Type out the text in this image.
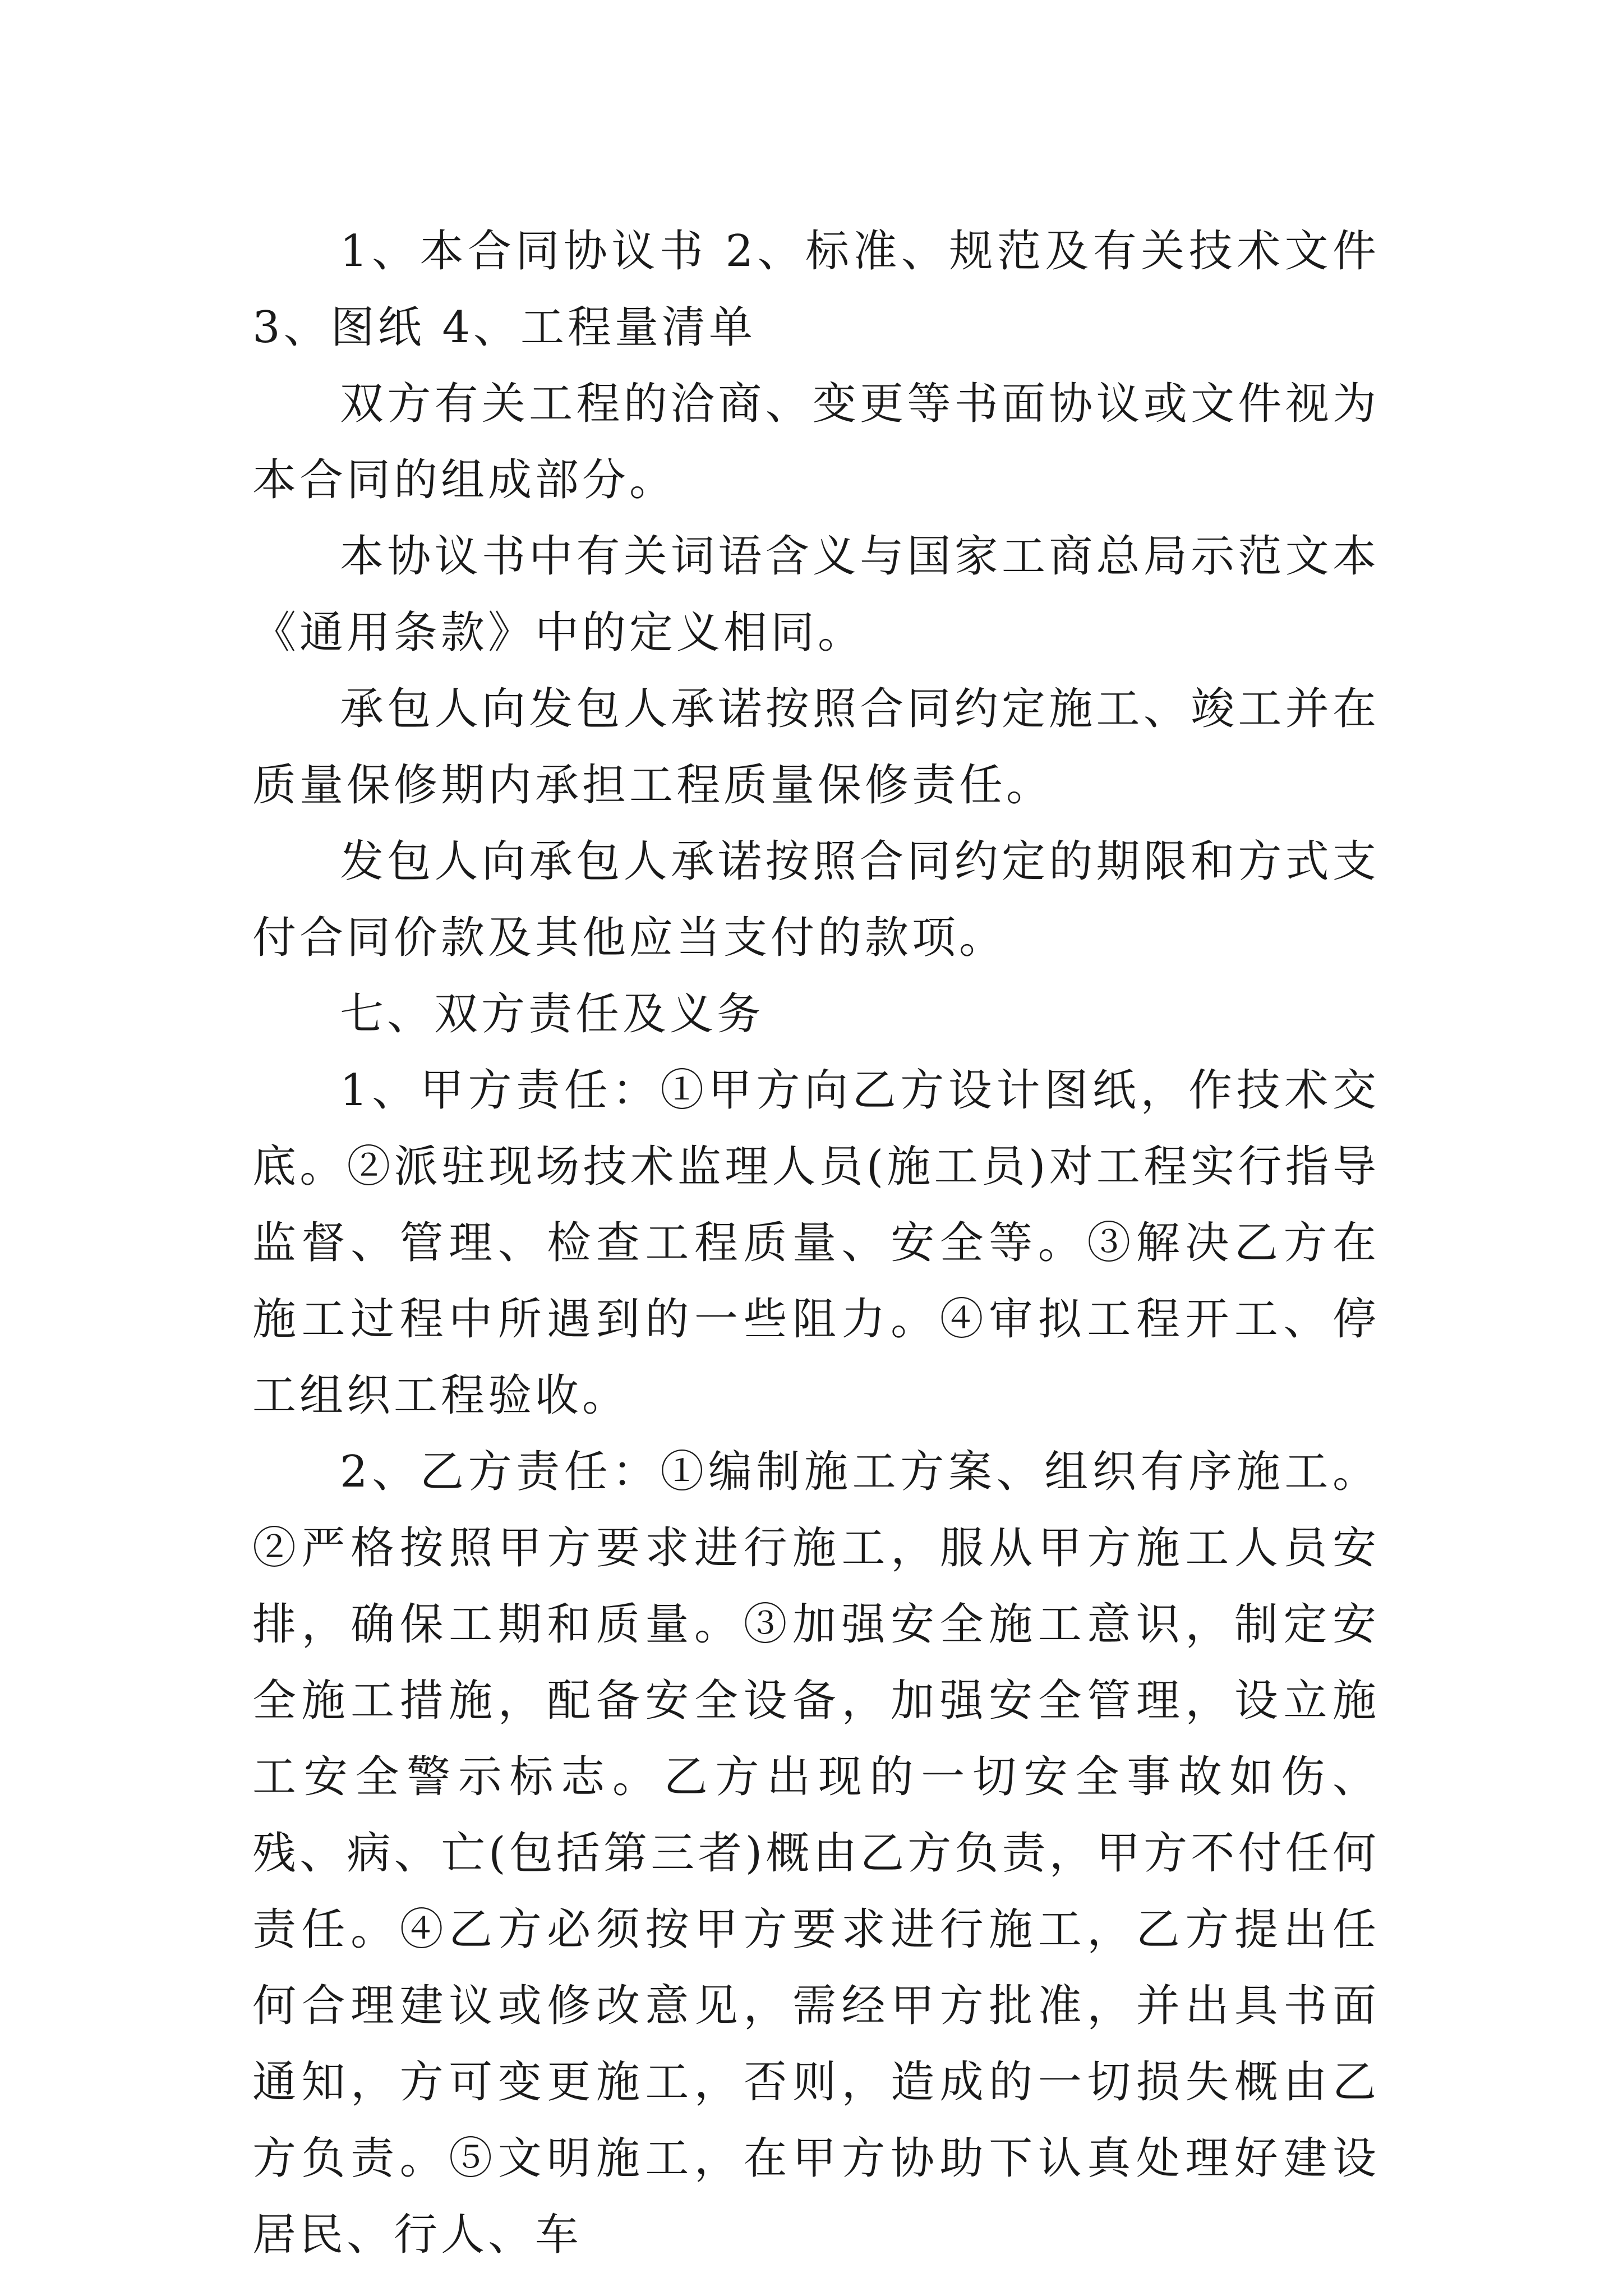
1、本合同协议书 2、标准、规范及有关技术文件 3、图纸 4、工程量清单

双方有关工程的洽商、变更等书面协议或文件视为本合同的组成部分。

本协议书中有关词语含义与国家工商总局示范文本《通用条款》中的定义相同。

承包人向发包人承诺按照合同约定施工、竣工并在质量保修期内承担工程质量保修责任。

发包人向承包人承诺按照合同约定的期限和方式支付合同价款及其他应当支付的款项。

七、双方责任及义务

1、甲方责任：①甲方向乙方设计图纸，作技术交底。②派驻现场技术监理人员(施工员)对工程实行指导监督、管理、检查工程质量、安全等。③解决乙方在施工过程中所遇到的一些阻力。④审拟工程开工、停工组织工程验收。

2、乙方责任：①编制施工方案、组织有序施工。②严格按照甲方要求进行施工，服从甲方施工人员安排，确保工期和质量。③加强安全施工意识，制定安全施工措施，配备安全设备，加强安全管理，设立施工安全警示标志。乙方出现的一切安全事故如伤、残、病、亡(包括第三者)概由乙方负责，甲方不付任何责任。④乙方必须按甲方要求进行施工，乙方提出任何合理建议或修改意见，需经甲方批准，并出具书面通知，方可变更施工，否则，造成的一切损失概由乙方负责。⑤文明施工，在甲方协助下认真处理好建设居民、行人、车
